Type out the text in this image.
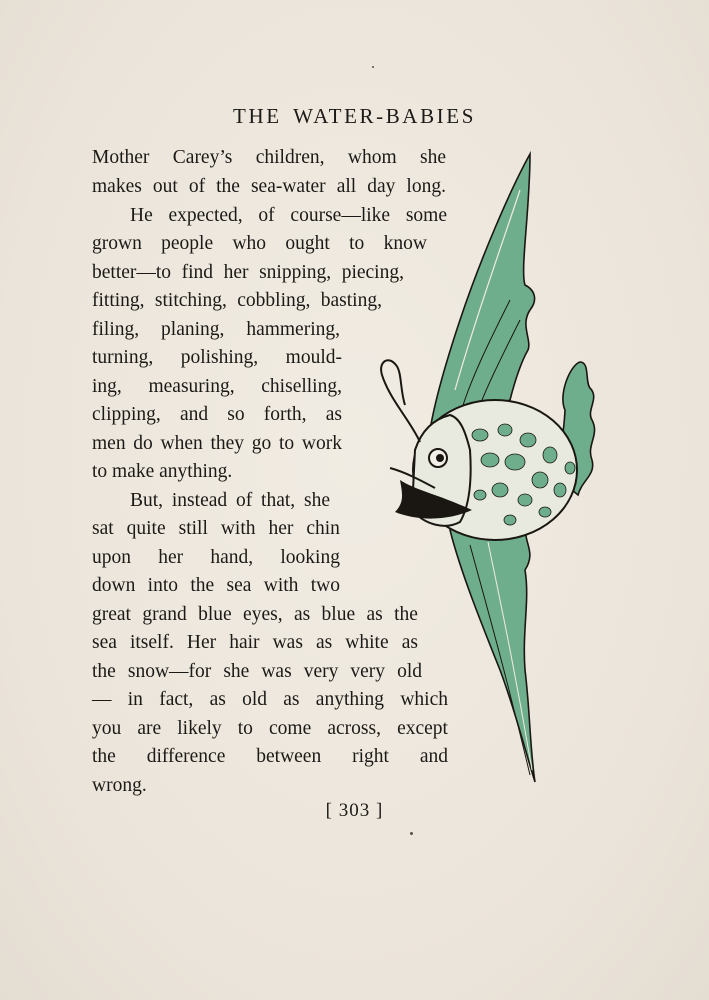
THE WATER-BABIES
Mother Carey’s children, whom she
makes out of the sea-water all day long.
He expected, of course—like some
grown people who ought to know
better—to find her snipping, piecing,
fitting, stitching, cobbling, basting,
filing, planing, hammering,
turning, polishing, mould-
ing, measuring, chiselling,
clipping, and so forth, as
men do when they go to work
to make anything.
But, instead of that, she
sat quite still with her chin
upon her hand, looking
down into the sea with two
great grand blue eyes, as blue as the
sea itself. Her hair was as white as
the snow—for she was very very old
— in fact, as old as anything which
you are likely to come across, except
the difference between right and
wrong.
[ 303 ]
